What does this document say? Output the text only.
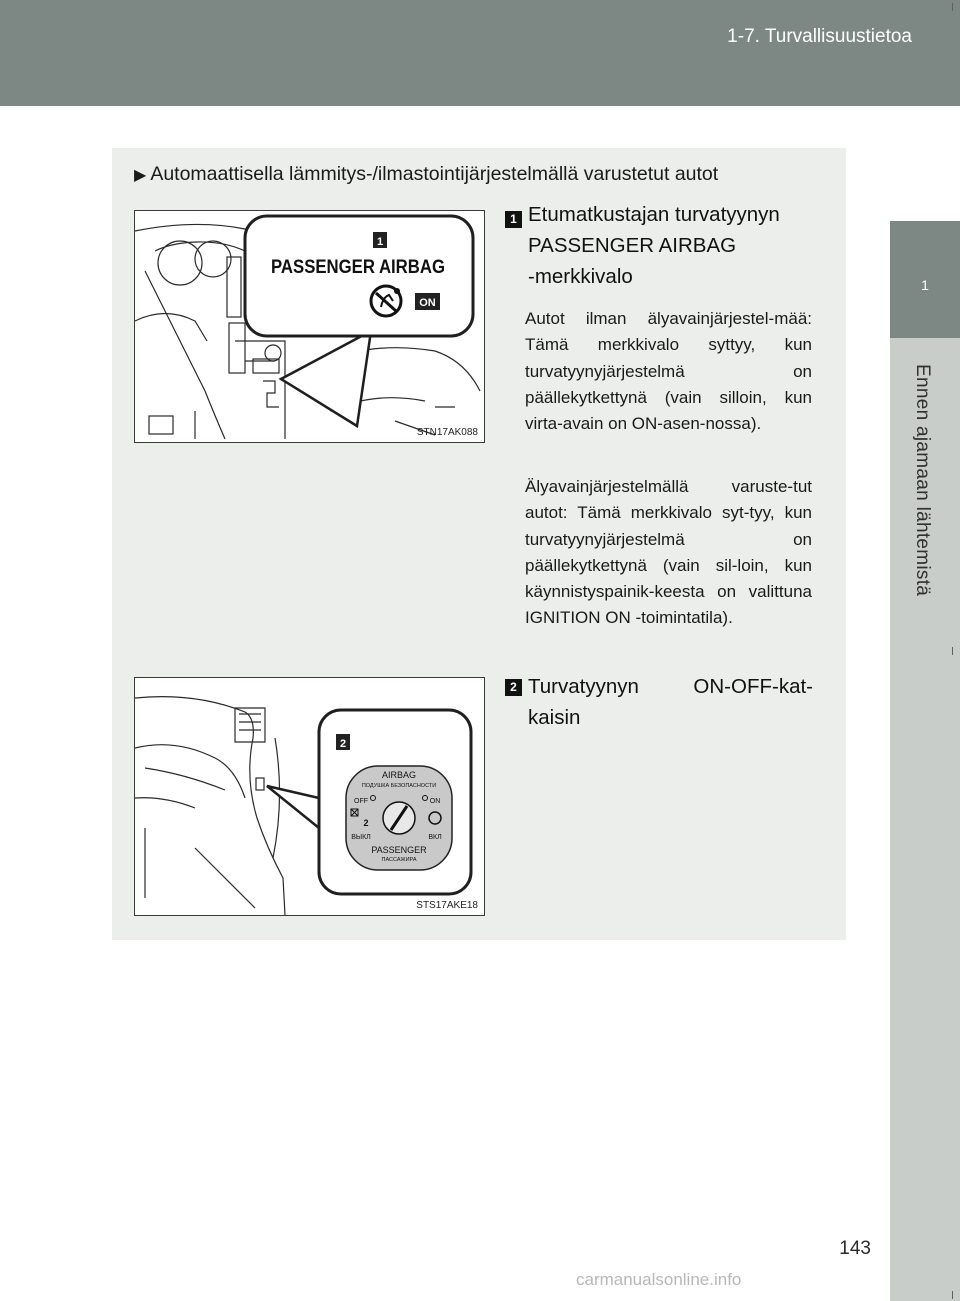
1-7. Turvallisuustietoa
1
Ennen ajamaan lähtemistä
▶ Automaattisella lämmitys-/ilmastointijärjestelmällä varustetut autot
1
PASSENGER AIRBAG
ON
STN17AK088
1 Etumatkustajan turvatyynyn
PASSENGER AIRBAG
-merkkivalo
Autot ilman älyavainjärjestel-mää: Tämä merkkivalo syttyy, kun turvatyynyjärjestelmä on päällekytkettynä (vain silloin, kun virta-avain on ON-asen-nossa).
Älyavainjärjestelmällä varuste-tut autot: Tämä merkkivalo syt-tyy, kun turvatyynyjärjestelmä on päällekytkettynä (vain sil-loin, kun käynnistyspainik-keesta on valittuna IGNITION ON -toimintatila).
2
AIRBAG
ПОДУШКА БЕЗОПАСНОСТИ
OFF	ON
2
ВЫКЛ	ВКЛ
PASSENGER
ПАССАЖИРА
STS17AKE18
2 Turvatyynyn ON-OFF-kat-
kaisin
143
carmanualsonline.info
